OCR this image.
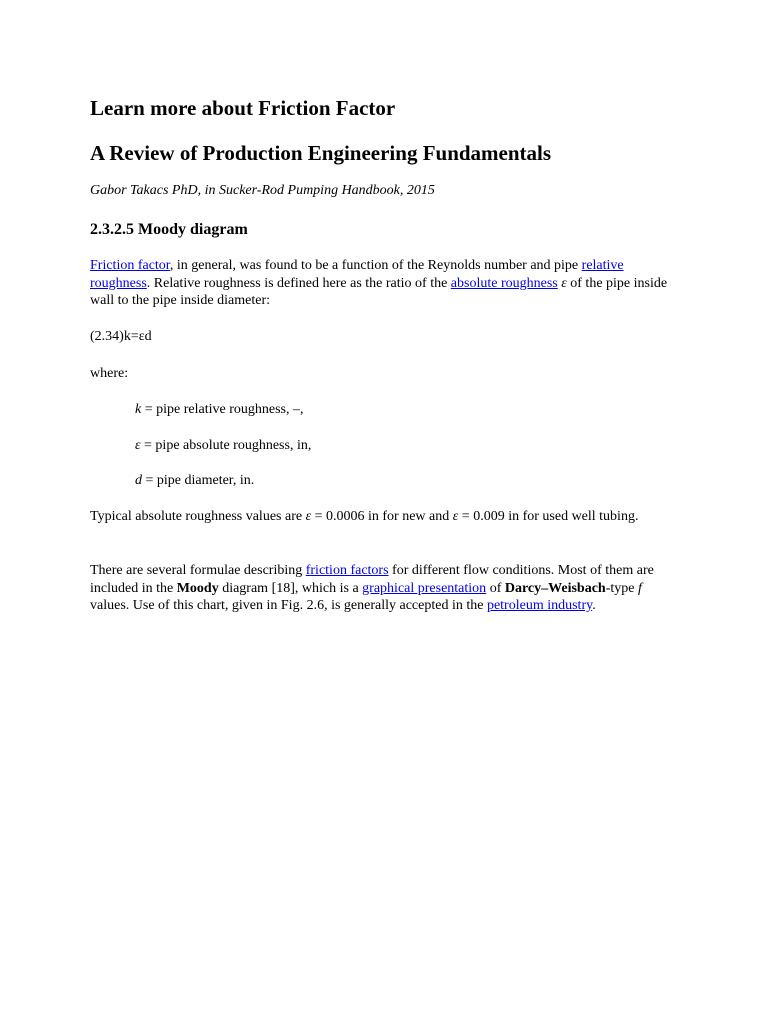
Learn more about Friction Factor
A Review of Production Engineering Fundamentals
Gabor Takacs PhD, in Sucker-Rod Pumping Handbook, 2015
2.3.2.5 Moody diagram

Friction factor, in general, was found to be a function of the Reynolds number and pipe relative roughness. Relative roughness is defined here as the ratio of the absolute roughness ε of the pipe inside wall to the pipe inside diameter:

(2.34)k=εd

where:

k = pipe relative roughness, –,

ε = pipe absolute roughness, in,

d = pipe diameter, in.

Typical absolute roughness values are ε = 0.0006 in for new and ε = 0.009 in for used well tubing.

There are several formulae describing friction factors for different flow conditions. Most of them are included in the Moody diagram [18], which is a graphical presentation of Darcy–Weisbach-type f values. Use of this chart, given in Fig. 2.6, is generally accepted in the petroleum industry.
